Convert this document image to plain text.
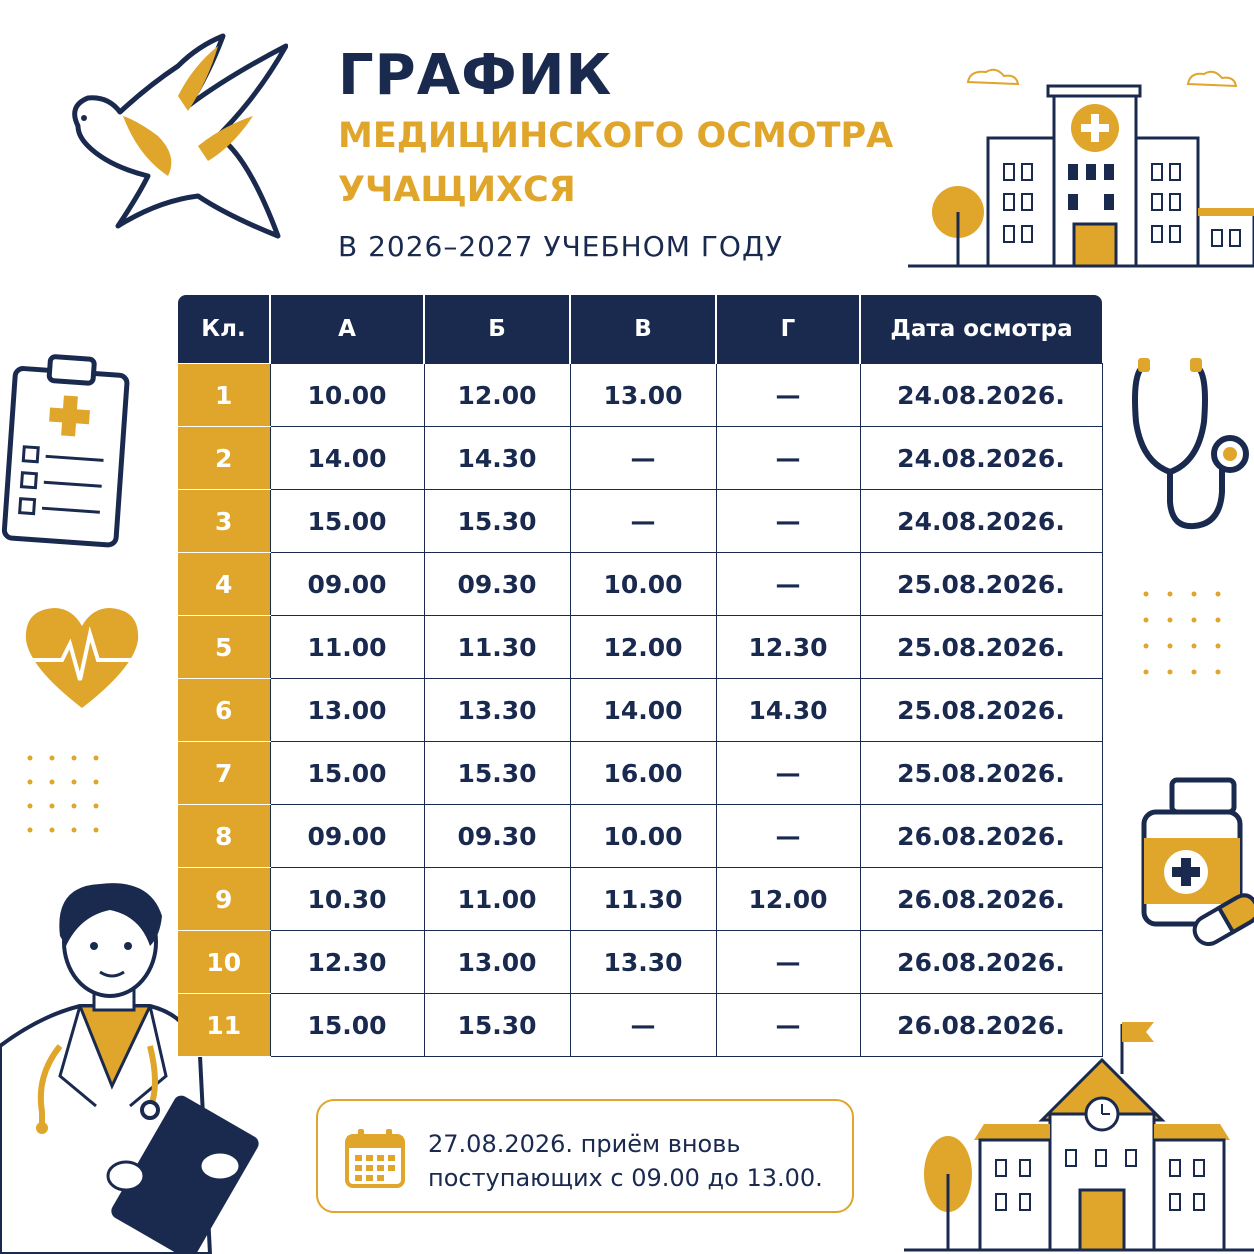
ГРАФИК
МЕДИЦИНСКОГО ОСМОТРА
УЧАЩИХСЯ
В 2026–2027 УЧЕБНОМ ГОДУ
Кл.	А	Б	В	Г	Дата осмотра
1	10.00	12.00	13.00	—	24.08.2026.
2	14.00	14.30	—	—	24.08.2026.
3	15.00	15.30	—	—	24.08.2026.
4	09.00	09.30	10.00	—	25.08.2026.
5	11.00	11.30	12.00	12.30	25.08.2026.
6	13.00	13.30	14.00	14.30	25.08.2026.
7	15.00	15.30	16.00	—	25.08.2026.
8	09.00	09.30	10.00	—	26.08.2026.
9	10.30	11.00	11.30	12.00	26.08.2026.
10	12.30	13.00	13.30	—	26.08.2026.
11	15.00	15.30	—	—	26.08.2026.
27.08.2026. приём вновь
поступающих с 09.00 до 13.00.
